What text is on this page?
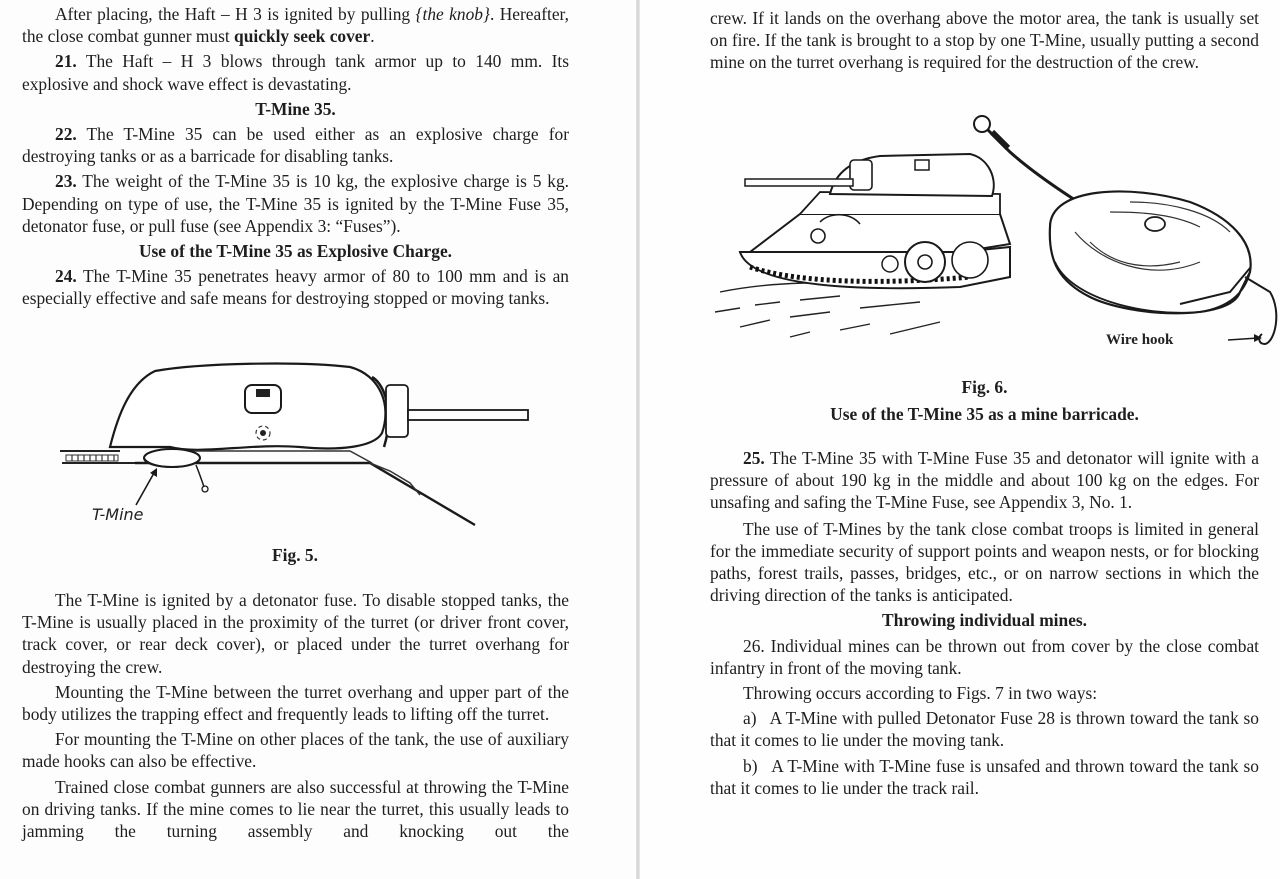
After placing, the Haft – H 3 is ignited by pulling {the knob}. Hereafter, the close combat gunner must quickly seek cover.

21. The Haft – H 3 blows through tank armor up to 140 mm. Its explosive and shock wave effect is devastating.

T-Mine 35.

22. The T-Mine 35 can be used either as an explosive charge for destroying tanks or as a barricade for disabling tanks.

23. The weight of the T-Mine 35 is 10 kg, the explosive charge is 5 kg. Depending on type of use, the T-Mine 35 is ignited by the T-Mine Fuse 35, detonator fuse, or pull fuse (see Appendix 3: “Fuses”).

Use of the T-Mine 35 as Explosive Charge.

24. The T-Mine 35 penetrates heavy armor of 80 to 100 mm and is an especially effective and safe means for destroying stopped or moving tanks.

T-Mine
Fig. 5.

The T-Mine is ignited by a detonator fuse. To disable stopped tanks, the T-Mine is usually placed in the proximity of the turret (or driver front cover, track cover, or rear deck cover), or placed under the turret overhang for destroying the crew.

Mounting the T-Mine between the turret overhang and upper part of the body utilizes the trapping effect and frequently leads to lifting off the turret.

For mounting the T-Mine on other places of the tank, the use of auxiliary made hooks can also be effective.

Trained close combat gunners are also successful at throwing the T-Mine on driving tanks. If the mine comes to lie near the turret, this usually leads to jamming the turning assembly and knocking out the

crew. If it lands on the overhang above the motor area, the tank is usually set on fire. If the tank is brought to a stop by one T-Mine, usually putting a second mine on the turret overhang is required for the destruction of the crew.
Wire hook
Fig. 6.
Use of the T-Mine 35 as a mine barricade.

25. The T-Mine 35 with T-Mine Fuse 35 and detonator will ignite with a pressure of about 190 kg in the middle and about 100 kg on the edges. For unsafing and safing the T-Mine Fuse, see Appendix 3, No. 1.

The use of T-Mines by the tank close combat troops is limited in general for the immediate security of support points and weapon nests, or for blocking paths, forest trails, passes, bridges, etc., or on narrow sections in which the driving direction of the tanks is anticipated.

Throwing individual mines.

26. Individual mines can be thrown out from cover by the close combat infantry in front of the moving tank.

Throwing occurs according to Figs. 7 in two ways:

a)   A T-Mine with pulled Detonator Fuse 28 is thrown toward the tank so that it comes to lie under the moving tank.

b)   A T-Mine with T-Mine fuse is unsafed and thrown toward the tank so that it comes to lie under the track rail.
